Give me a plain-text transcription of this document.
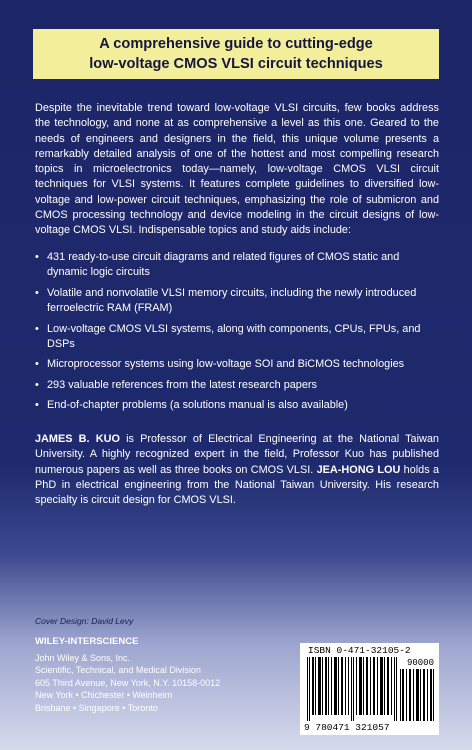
A comprehensive guide to cutting-edge
low-voltage CMOS VLSI circuit techniques
Despite the inevitable trend toward low-voltage VLSI circuits, few books address the technology, and none at as comprehensive a level as this one. Geared to the needs of engineers and designers in the field, this unique volume presents a remarkably detailed analysis of one of the hottest and most compelling research topics in microelectronics today—namely, low-voltage CMOS VLSI circuit techniques for VLSI systems. It features complete guidelines to diversified low-voltage and low-power circuit techniques, emphasizing the role of submicron and CMOS processing technology and device modeling in the circuit designs of low-voltage CMOS VLSI. Indispensable topics and study aids include:
• 431 ready-to-use circuit diagrams and related figures of CMOS static and dynamic logic circuits
• Volatile and nonvolatile VLSI memory circuits, including the newly introduced ferroelectric RAM (FRAM)
• Low-voltage CMOS VLSI systems, along with components, CPUs, FPUs, and DSPs
• Microprocessor systems using low-voltage SOI and BiCMOS technologies
• 293 valuable references from the latest research papers
• End-of-chapter problems (a solutions manual is also available)
JAMES B. KUO is Professor of Electrical Engineering at the National Taiwan University. A highly recognized expert in the field, Professor Kuo has published numerous papers as well as three books on CMOS VLSI. JEA-HONG LOU holds a PhD in electrical engineering from the National Taiwan University. His research specialty is circuit design for CMOS VLSI.
Cover Design: David Levy
WILEY-INTERSCIENCE
John Wiley & Sons, Inc.
Scientific, Technical, and Medical Division
605 Third Avenue, New York, N.Y. 10158-0012
New York • Chichester • Weinheim
Brisbane • Singapore • Toronto
ISBN 0-471-32105-2
90000
9 780471 321057
